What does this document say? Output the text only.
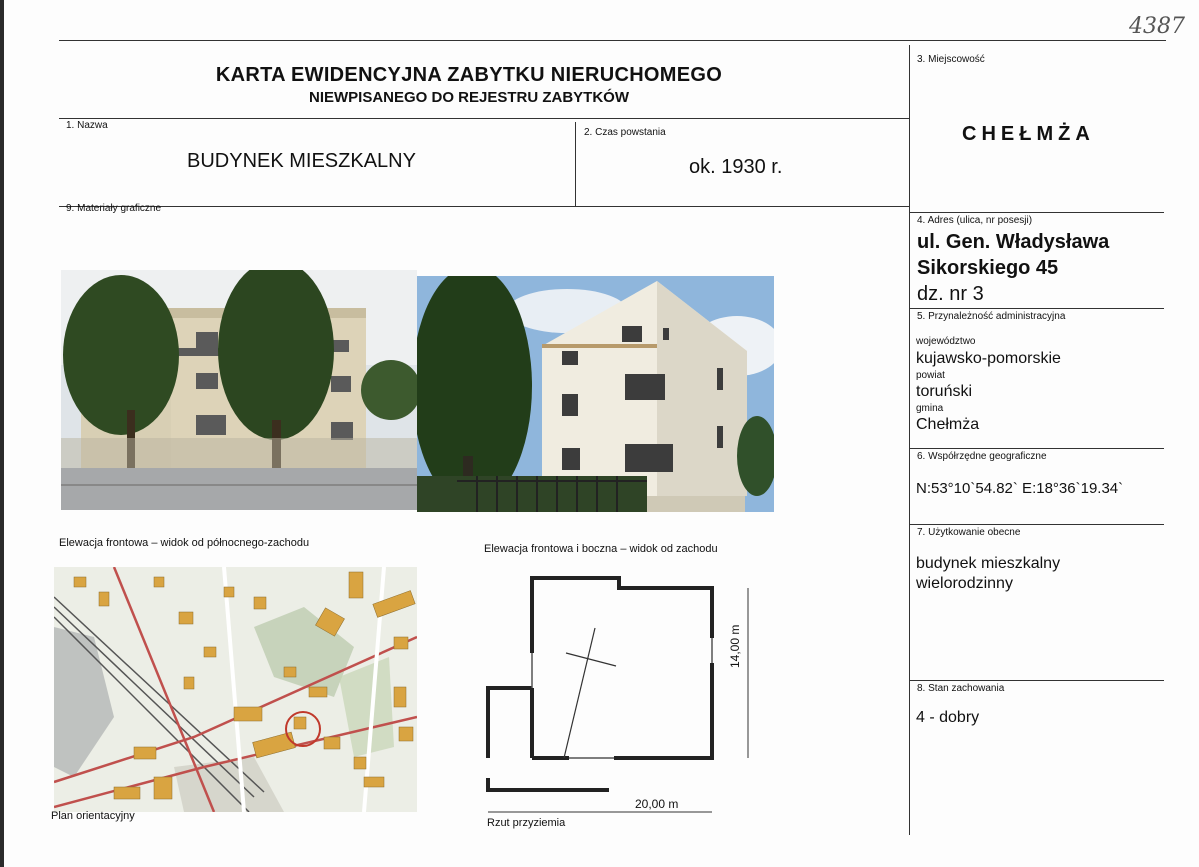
4387
KARTA EWIDENCYJNA ZABYTKU NIERUCHOMEGO
NIEWPISANEGO DO REJESTRU ZABYTKÓW
1. Nazwa
BUDYNEK MIESZKALNY
2. Czas powstania
ok. 1930 r.
3. Miejscowość
CHEŁMŻA
4. Adres (ulica, nr posesji)
ul. Gen. Władysława
Sikorskiego 45
dz. nr 3
5. Przynależność administracyjna
województwo
kujawsko-pomorskie
powiat
toruński
gmina
Chełmża
6. Współrzędne geograficzne
N:53°10`54.82` E:18°36`19.34`
7. Użytkowanie obecne
budynek mieszkalny
wielorodzinny
8. Stan zachowania
4 - dobry
9. Materiały graficzne
Elewacja frontowa – widok od północnego-zachodu	Elewacja frontowa i boczna – widok od zachodu
Plan orientacyjny
14,00 m
20,00 m
Rzut przyziemia
